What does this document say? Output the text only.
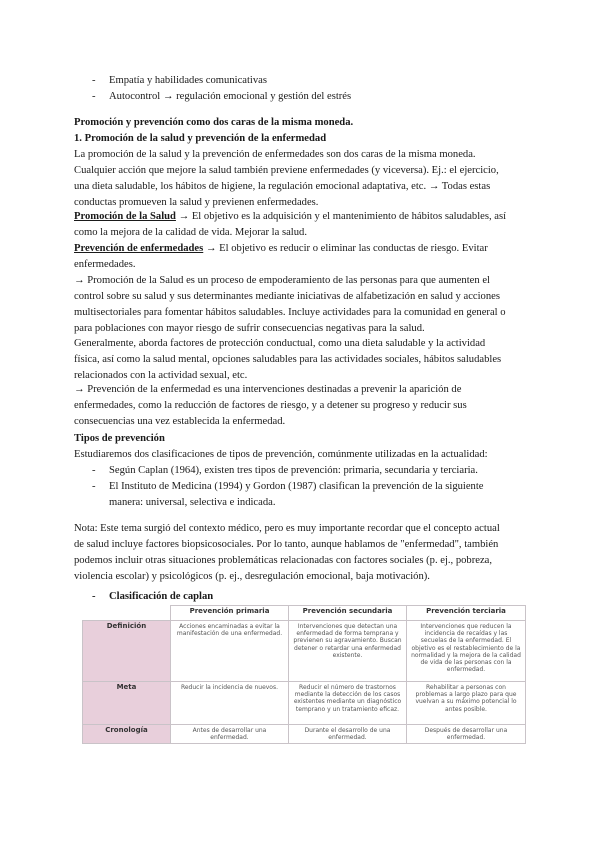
- Empatía y habilidades comunicativas
- Autocontrol → regulación emocional y gestión del estrés
Promoción y prevención como dos caras de la misma moneda.
1. Promoción de la salud y prevención de la enfermedad
La promoción de la salud y la prevención de enfermedades son dos caras de la misma moneda.
Cualquier acción que mejore la salud también previene enfermedades (y viceversa). Ej.: el ejercicio,
una dieta saludable, los hábitos de higiene, la regulación emocional adaptativa, etc. → Todas estas
conductas promueven la salud y previenen enfermedades.
Promoción de la Salud → El objetivo es la adquisición y el mantenimiento de hábitos saludables, así
como la mejora de la calidad de vida. Mejorar la salud.
Prevención de enfermedades → El objetivo es reducir o eliminar las conductas de riesgo. Evitar
enfermedades.
→ Promoción de la Salud es un proceso de empoderamiento de las personas para que aumenten el
control sobre su salud y sus determinantes mediante iniciativas de alfabetización en salud y acciones
multisectoriales para fomentar hábitos saludables. Incluye actividades para la comunidad en general o
para poblaciones con mayor riesgo de sufrir consecuencias negativas para la salud.
Generalmente, aborda factores de protección conductual, como una dieta saludable y la actividad
física, así como la salud mental, opciones saludables para las actividades sociales, hábitos saludables
relacionados con la actividad sexual, etc.
→ Prevención de la enfermedad es una intervenciones destinadas a prevenir la aparición de
enfermedades, como la reducción de factores de riesgo, y a detener su progreso y reducir sus
consecuencias una vez establecida la enfermedad.
Tipos de prevención
Estudiaremos dos clasificaciones de tipos de prevención, comúnmente utilizadas en la actualidad:
- Según Caplan (1964), existen tres tipos de prevención: primaria, secundaria y terciaria.
- El Instituto de Medicina (1994) y Gordon (1987) clasifican la prevención de la siguiente
manera: universal, selectiva e indicada.
Nota: Este tema surgió del contexto médico, pero es muy importante recordar que el concepto actual
de salud incluye factores biopsicosociales. Por lo tanto, aunque hablamos de "enfermedad", también
podemos incluir otras situaciones problemáticas relacionadas con factores sociales (p. ej., pobreza,
violencia escolar) y psicológicos (p. ej., desregulación emocional, baja motivación).
- Clasificación de caplan
	Prevención primaria	Prevención secundaria	Prevención terciaria
Definición	Acciones encaminadas a evitar la manifestación de una enfermedad.	Intervenciones que detectan una enfermedad de forma temprana y previenen su agravamiento. Buscan detener o retardar una enfermedad existente.	Intervenciones que reducen la incidencia de recaídas y las secuelas de la enfermedad. El objetivo es el restablecimiento de la normalidad y la mejora de la calidad de vida de las personas con la enfermedad.
Meta	Reducir la incidencia de nuevos.	Reducir el número de trastornos mediante la detección de los casos existentes mediante un diagnóstico temprano y un tratamiento eficaz.	Rehabilitar a personas con problemas a largo plazo para que vuelvan a su máximo potencial lo antes posible.
Cronología	Antes de desarrollar una enfermedad.	Durante el desarrollo de una enfermedad.	Después de desarrollar una enfermedad.
